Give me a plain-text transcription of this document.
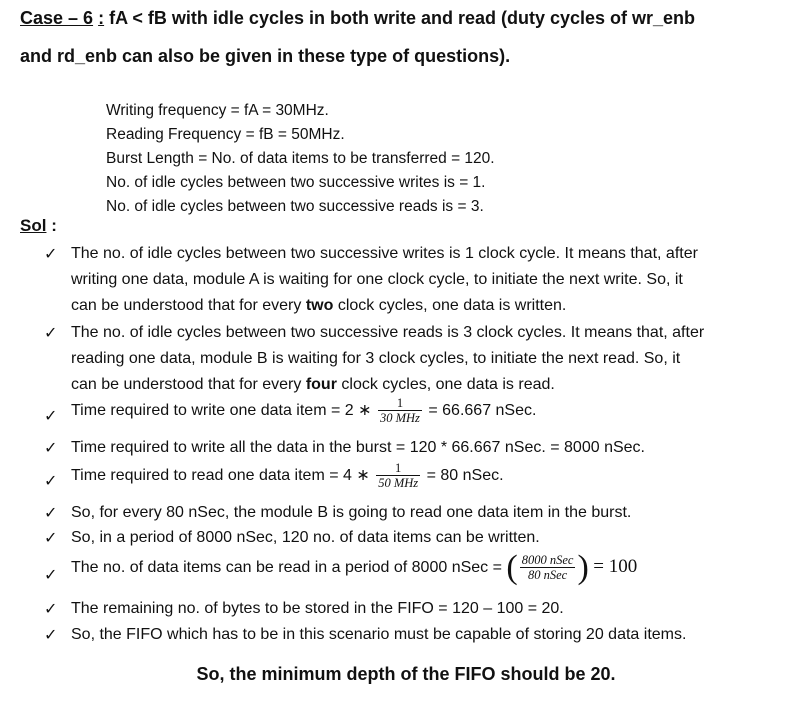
Case – 6 : fA < fB with idle cycles in both write and read (duty cycles of wr_enb
and rd_enb can also be given in these type of questions).
Writing frequency = fA = 30MHz.
Reading Frequency = fB = 50MHz.
Burst Length = No. of data items to be transferred = 120.
No. of idle cycles between two successive writes is = 1.
No. of idle cycles between two successive reads is = 3.
Sol :
✓ The no. of idle cycles between two successive writes is 1 clock cycle. It means that, after
writing one data, module A is waiting for one clock cycle, to initiate the next write. So, it
can be understood that for every two clock cycles, one data is written.
✓ The no. of idle cycles between two successive reads is 3 clock cycles. It means that, after
reading one data, module B is waiting for 3 clock cycles, to initiate the next read. So, it
can be understood that for every four clock cycles, one data is read.
✓ Time required to write one data item = 2 ∗ $\frac{1}{\text{30 MHz}} = 66.667$ nSec.
✓ Time required to write all the data in the burst = 120 * 66.667 nSec. = 8000 nSec.
✓ Time required to read one data item = 4 ∗ $\frac{1}{\text{50 MHz}} = 80$ nSec.
✓ So, for every 80 nSec, the module B is going to read one data item in the burst.
✓ So, in a period of 8000 nSec, 120 no. of data items can be written.
✓ The no. of data items can be read in a period of 8000 nSec = ( $\frac{\text{8000 nSec}}{\text{80 nSec}}$ ) = 100
✓ The remaining no. of bytes to be stored in the FIFO = 120 – 100 = 20.
✓ So, the FIFO which has to be in this scenario must be capable of storing 20 data items.
So, the minimum depth of the FIFO should be 20.
